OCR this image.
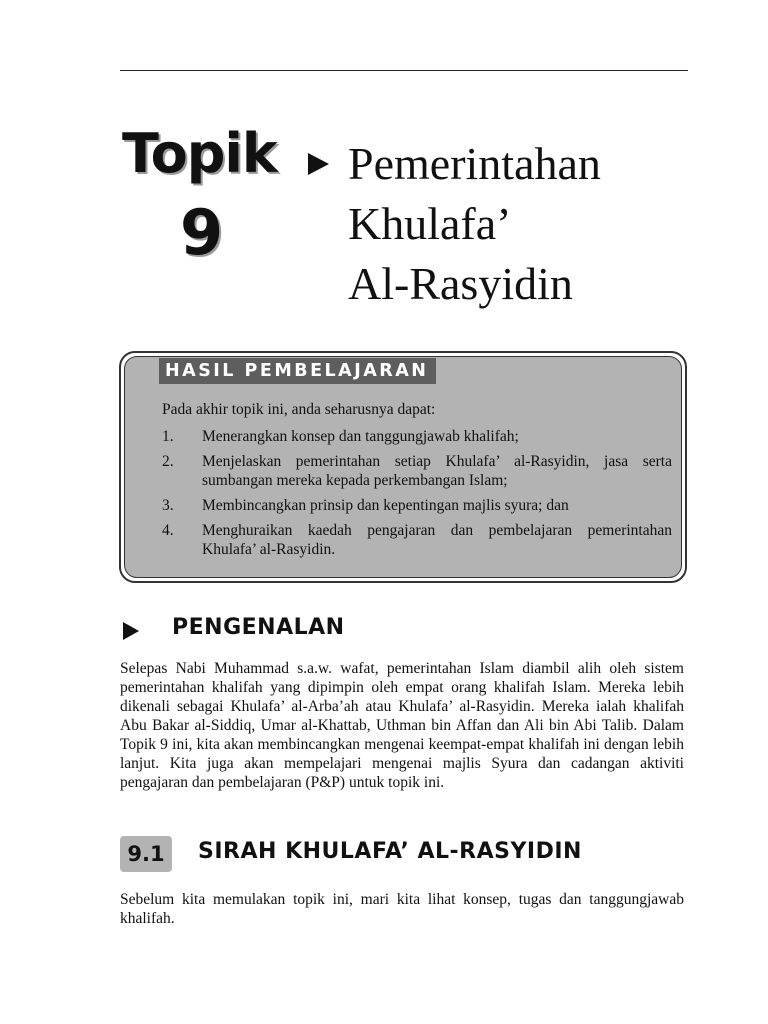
Topik
9
Pemerintahan
Khulafa’
Al-Rasyidin
HASIL PEMBELAJARAN
Pada akhir topik ini, anda seharusnya dapat:
1.	Menerangkan konsep dan tanggungjawab khalifah;
2.	Menjelaskan pemerintahan setiap Khulafa’ al-Rasyidin, jasa serta sumbangan mereka kepada perkembangan Islam;
3.	Membincangkan prinsip dan kepentingan majlis syura; dan
4.	Menghuraikan kaedah pengajaran dan pembelajaran pemerintahan Khulafa’ al-Rasyidin.
PENGENALAN

Selepas Nabi Muhammad s.a.w. wafat, pemerintahan Islam diambil alih oleh sistem pemerintahan khalifah yang dipimpin oleh empat orang khalifah Islam. Mereka lebih dikenali sebagai Khulafa’ al-Arba’ah atau Khulafa’ al-Rasyidin. Mereka ialah khalifah Abu Bakar al-Siddiq, Umar al-Khattab, Uthman bin Affan dan Ali bin Abi Talib. Dalam Topik 9 ini, kita akan membincangkan mengenai keempat-empat khalifah ini dengan lebih lanjut. Kita juga akan mempelajari mengenai majlis Syura dan cadangan aktiviti pengajaran dan pembelajaran (P&P) untuk topik ini.

9.1	SIRAH KHULAFA’ AL-RASYIDIN

Sebelum kita memulakan topik ini, mari kita lihat konsep, tugas dan tanggungjawab khalifah.
